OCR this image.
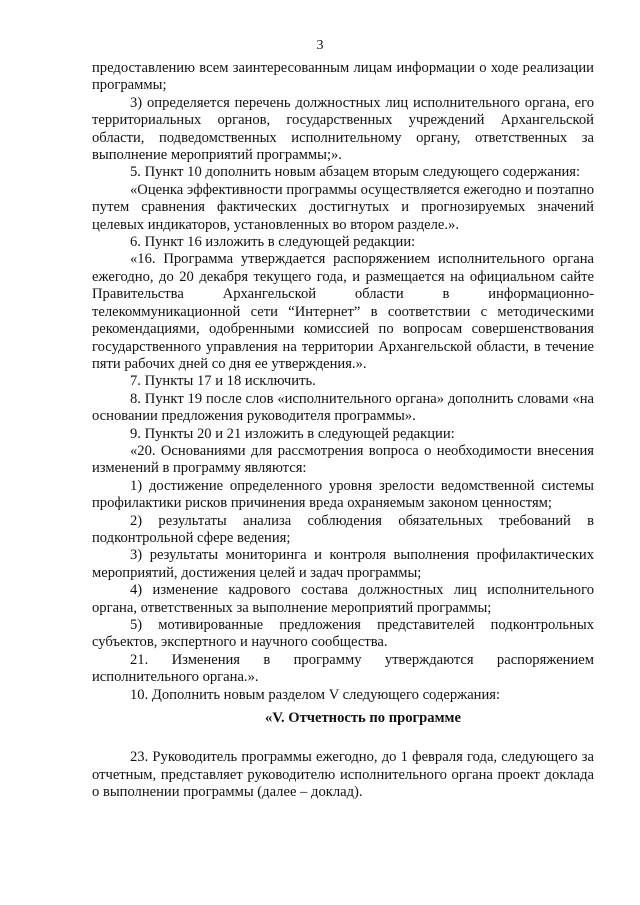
3

предоставлению всем заинтересованным лицам информации о ходе реализации программы;

3) определяется перечень должностных лиц исполнительного органа, его территориальных органов, государственных учреждений Архангельской области, подведомственных исполнительному органу, ответственных за выполнение мероприятий программы;».

5. Пункт 10 дополнить новым абзацем вторым следующего содержания:

«Оценка эффективности программы осуществляется ежегодно и поэтапно путем сравнения фактических достигнутых и прогнозируемых значений целевых индикаторов, установленных во втором разделе.».

6. Пункт 16 изложить в следующей редакции:

«16. Программа утверждается распоряжением исполнительного органа ежегодно, до 20 декабря текущего года, и размещается на официальном сайте Правительства Архангельской области в информационно-телекоммуникационной сети “Интернет” в соответствии с методическими рекомендациями, одобренными комиссией по вопросам совершенствования государственного управления на территории Архангельской области, в течение пяти рабочих дней со дня ее утверждения.».

7. Пункты 17 и 18 исключить.

8. Пункт 19 после слов «исполнительного органа» дополнить словами «на основании предложения руководителя программы».

9. Пункты 20 и 21 изложить в следующей редакции:

«20. Основаниями для рассмотрения вопроса о необходимости внесения изменений в программу являются:

1) достижение определенного уровня зрелости ведомственной системы профилактики рисков причинения вреда охраняемым законом ценностям;

2) результаты анализа соблюдения обязательных требований в подконтрольной сфере ведения;

3) результаты мониторинга и контроля выполнения профилактических мероприятий, достижения целей и задач программы;

4) изменение кадрового состава должностных лиц исполнительного органа, ответственных за выполнение мероприятий программы;

5) мотивированные предложения представителей подконтрольных субъектов, экспертного и научного сообщества.

21. Изменения в программу утверждаются распоряжением исполнительного органа.».

10. Дополнить новым разделом V следующего содержания:

«V. Отчетность по программе

23. Руководитель программы ежегодно, до 1 февраля года, следующего за отчетным, представляет руководителю исполнительного органа проект доклада о выполнении программы (далее – доклад).
